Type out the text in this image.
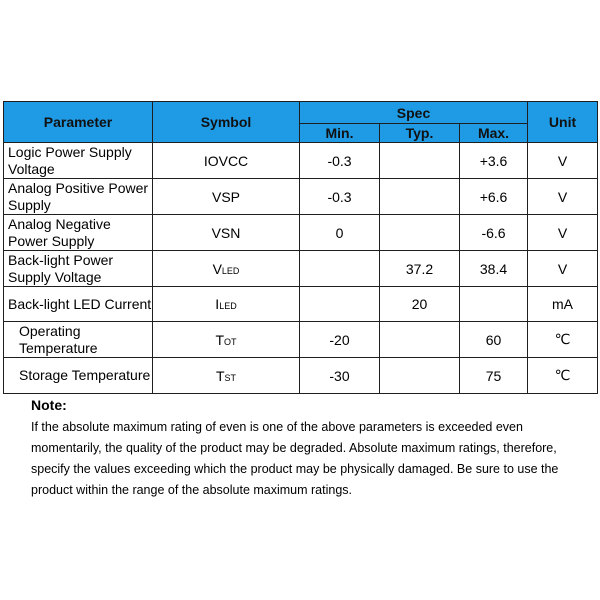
Parameter	Symbol	Spec			Unit
		Min.	Typ.	Max.	
Logic Power Supply Voltage	IOVCC	-0.3		+3.6	V
Analog Positive Power Supply	VSP	-0.3		+6.6	V
Analog Negative Power Supply	VSN	0		-6.6	V
Back-light Power Supply Voltage	VLED		37.2	38.4	V
Back-light LED Current	ILED		20		mA
Operating Temperature	TOT	-20		60	℃
Storage Temperature	TST	-30		75	℃

Note:

If the absolute maximum rating of even is one of the above parameters is exceeded even momentarily, the quality of the product may be degraded. Absolute maximum ratings, therefore, specify the values exceeding which the product may be physically damaged. Be sure to use the product within the range of the absolute maximum ratings.
